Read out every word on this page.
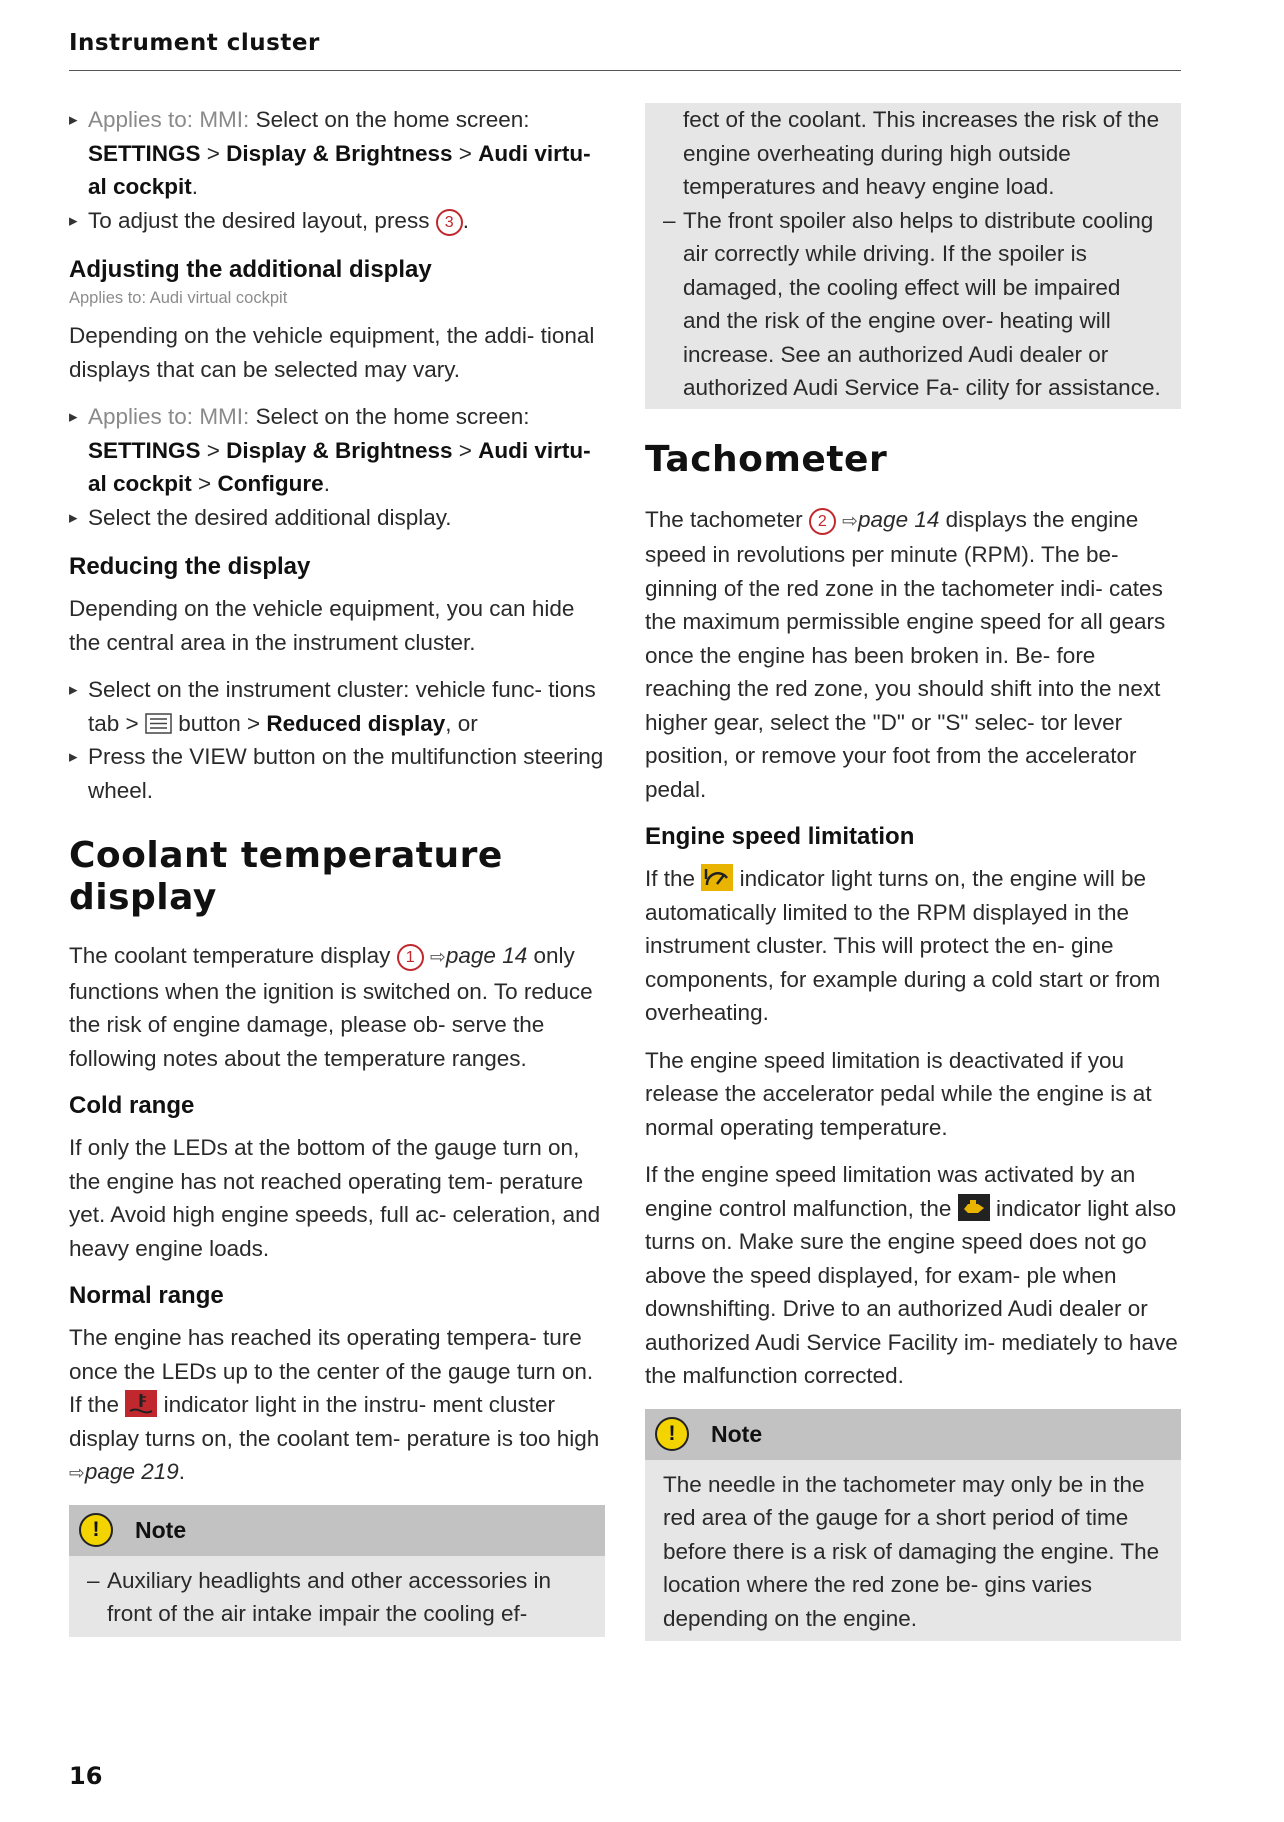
Instrument cluster
▸ Applies to: MMI: Select on the home screen: SETTINGS > Display & Brightness > Audi virtu- al cockpit.
▸ To adjust the desired layout, press 3 .
Adjusting the additional display
Applies to: Audi virtual cockpit

Depending on the vehicle equipment, the addi- tional displays that can be selected may vary.

▸ Applies to: MMI: Select on the home screen: SETTINGS > Display & Brightness > Audi virtu- al cockpit > Configure.
▸ Select the desired additional display.
Reducing the display

Depending on the vehicle equipment, you can hide the central area in the instrument cluster.

▸ Select on the instrument cluster: vehicle func- tions tab >  button > Reduced display, or
▸ Press the VIEW button on the multifunction steering wheel.
Coolant temperature display

The coolant temperature display 1 ⇨page 14 only functions when the ignition is switched on. To reduce the risk of engine damage, please ob- serve the following notes about the temperature ranges.

Cold range

If only the LEDs at the bottom of the gauge turn on, the engine has not reached operating tem- perature yet. Avoid high engine speeds, full ac- celeration, and heavy engine loads.

Normal range

The engine has reached its operating tempera- ture once the LEDs up to the center of the gauge turn on. If the indicator light in the instru- ment cluster display turns on, the coolant tem- perature is too high ⇨page 219.

!	Note
– Auxiliary headlights and other accessories in front of the air intake impair the cooling ef-
fect of the coolant. This increases the risk of the engine overheating during high outside temperatures and heavy engine load.
– The front spoiler also helps to distribute cooling air correctly while driving. If the spoiler is damaged, the cooling effect will be impaired and the risk of the engine over- heating will increase. See an authorized Audi dealer or authorized Audi Service Fa- cility for assistance.
Tachometer

The tachometer 2 ⇨page 14 displays the engine speed in revolutions per minute (RPM). The be- ginning of the red zone in the tachometer indi- cates the maximum permissible engine speed for all gears once the engine has been broken in. Be- fore reaching the red zone, you should shift into the next higher gear, select the "D" or "S" selec- tor lever position, or remove your foot from the accelerator pedal.

Engine speed limitation

If the indicator light turns on, the engine will be automatically limited to the RPM displayed in the instrument cluster. This will protect the en- gine components, for example during a cold start or from overheating.

The engine speed limitation is deactivated if you release the accelerator pedal while the engine is at normal operating temperature.

If the engine speed limitation was activated by an engine control malfunction, the indicator light also turns on. Make sure the engine speed does not go above the speed displayed, for exam- ple when downshifting. Drive to an authorized Audi dealer or authorized Audi Service Facility im- mediately to have the malfunction corrected.

!	Note
The needle in the tachometer may only be in the red area of the gauge for a short period of time before there is a risk of damaging the engine. The location where the red zone be- gins varies depending on the engine.
16
